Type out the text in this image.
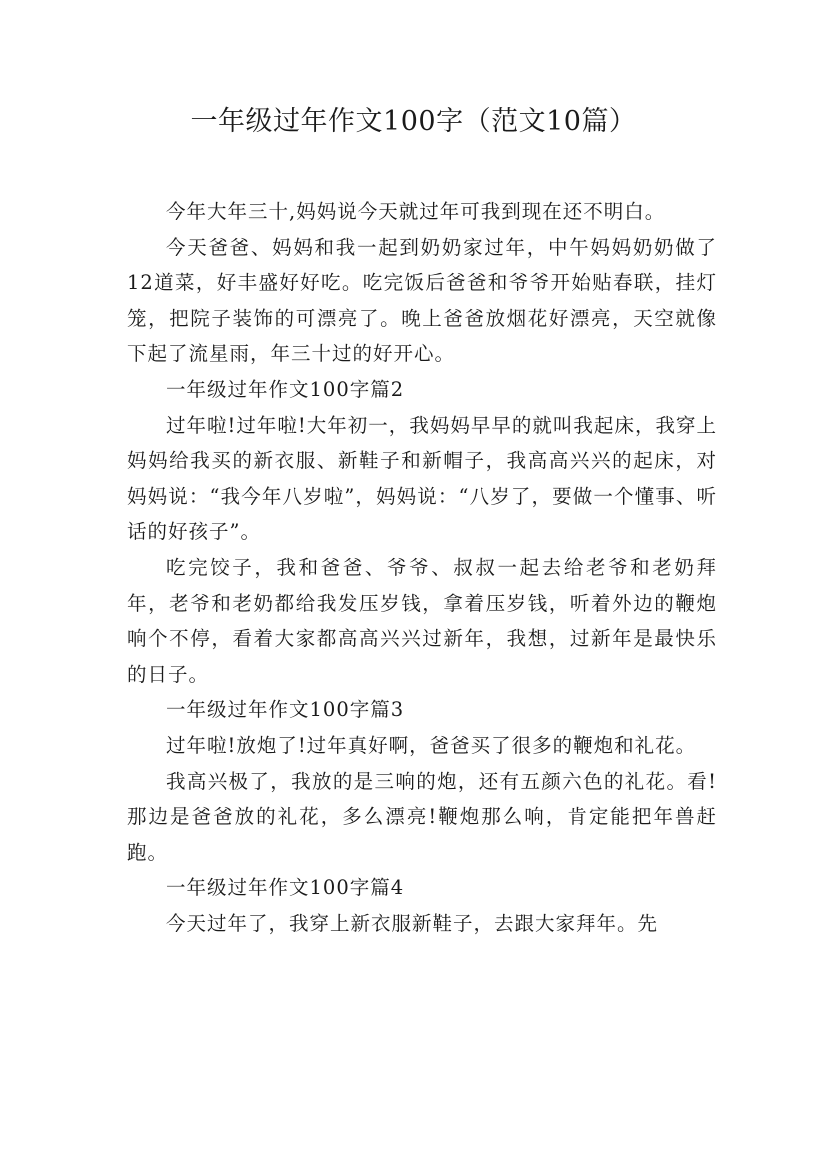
一年级过年作文100字（范文10篇）

今年大年三十,妈妈说今天就过年可我到现在还不明白。

今天爸爸、妈妈和我一起到奶奶家过年，中午妈妈奶奶做了12道菜，好丰盛好好吃。吃完饭后爸爸和爷爷开始贴春联，挂灯笼，把院子装饰的可漂亮了。晚上爸爸放烟花好漂亮，天空就像下起了流星雨，年三十过的好开心。

一年级过年作文100字篇2

过年啦!过年啦!大年初一，我妈妈早早的就叫我起床，我穿上妈妈给我买的新衣服、新鞋子和新帽子，我高高兴兴的起床，对妈妈说：“我今年八岁啦”，妈妈说：“八岁了，要做一个懂事、听话的好孩子”。

吃完饺子，我和爸爸、爷爷、叔叔一起去给老爷和老奶拜年，老爷和老奶都给我发压岁钱，拿着压岁钱，听着外边的鞭炮响个不停，看着大家都高高兴兴过新年，我想，过新年是最快乐的日子。

一年级过年作文100字篇3

过年啦!放炮了!过年真好啊，爸爸买了很多的鞭炮和礼花。

我高兴极了，我放的是三响的炮，还有五颜六色的礼花。看!那边是爸爸放的礼花，多么漂亮!鞭炮那么响，肯定能把年兽赶跑。

一年级过年作文100字篇4

今天过年了，我穿上新衣服新鞋子，去跟大家拜年。先
